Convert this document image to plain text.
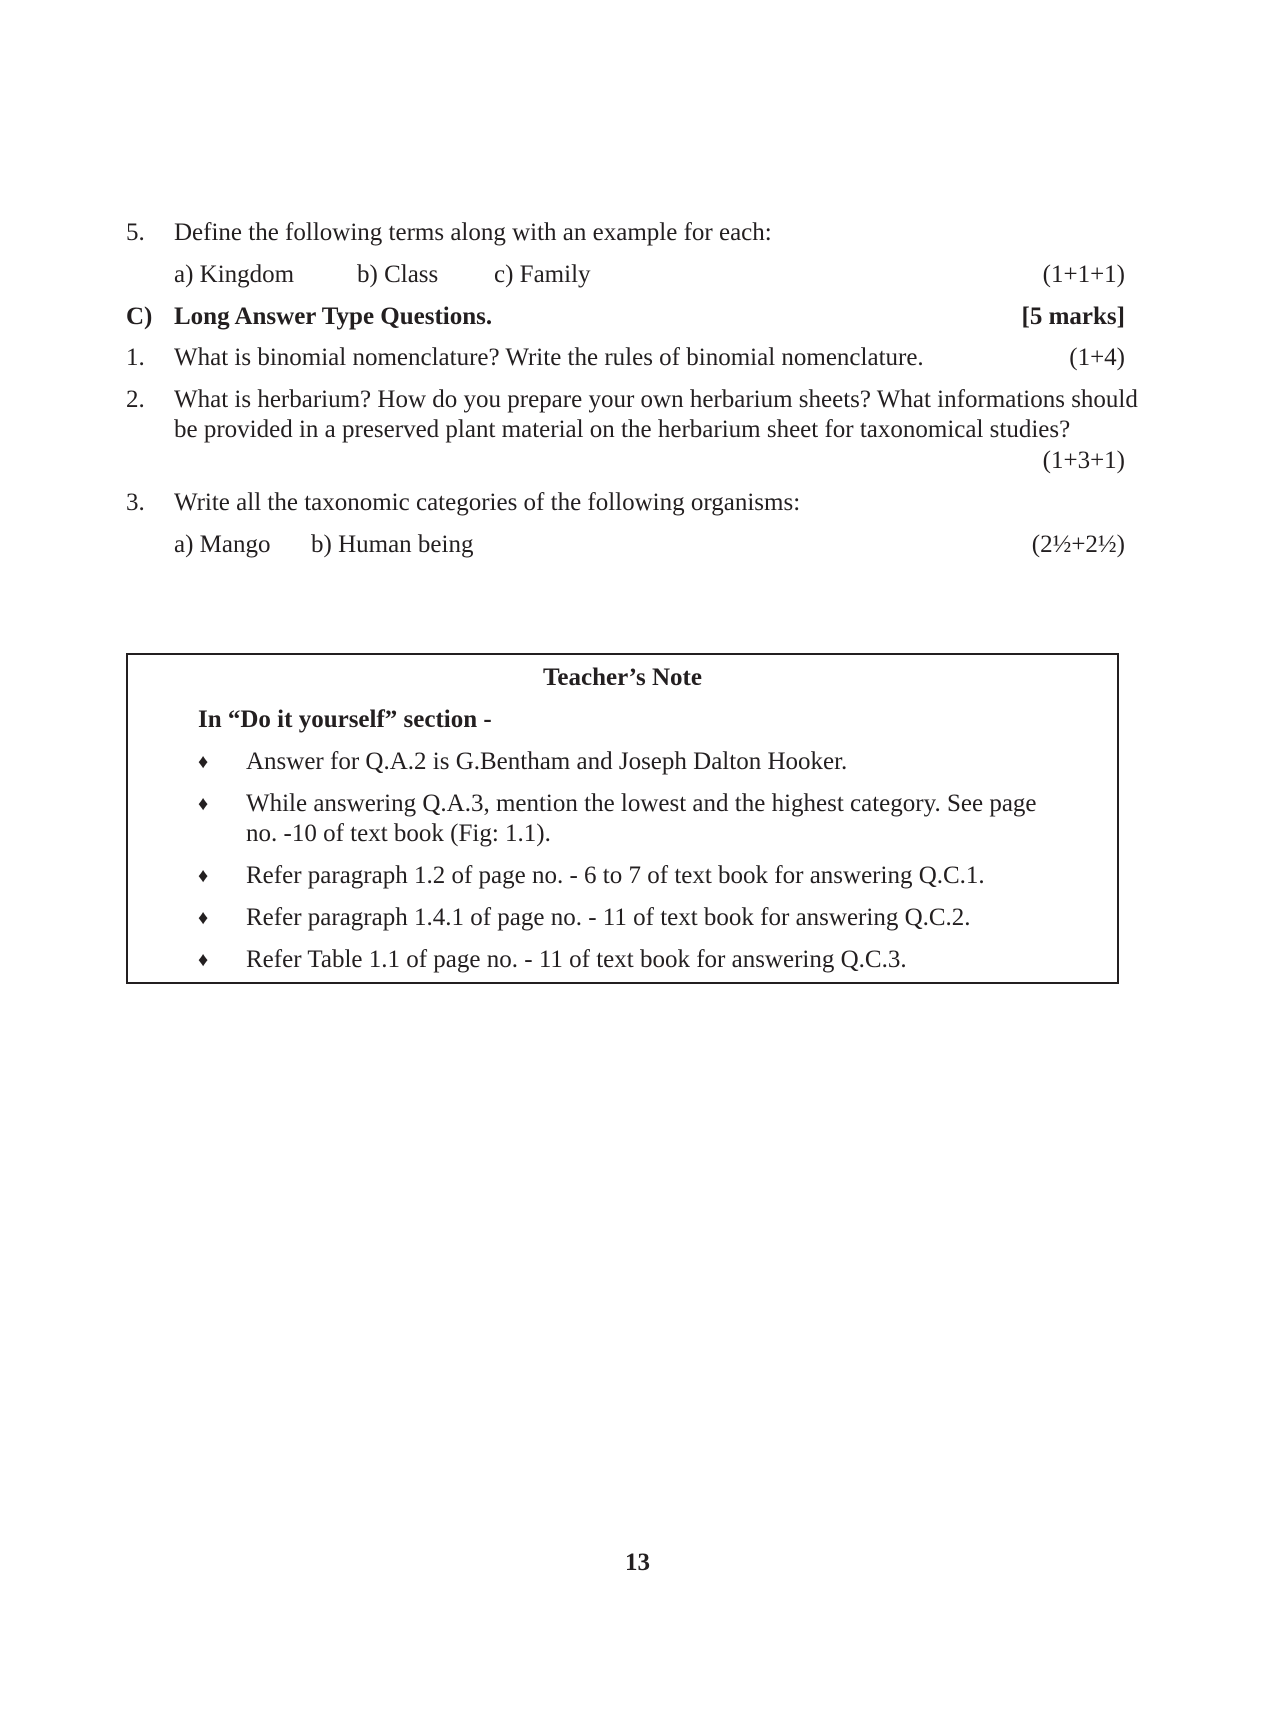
5. Define the following terms along with an example for each:
a) Kingdom	b) Class c) Family	(1+1+1)
C) Long Answer Type Questions.	[5 marks]
1. What is binomial nomenclature? Write the rules of binomial nomenclature.	(1+4)
2. What is herbarium? How do you prepare your own herbarium sheets? What informations should
be provided in a preserved plant material on the herbarium sheet for taxonomical studies?
(1+3+1)
3. Write all the taxonomic categories of the following organisms:
a) Mango b) Human being	(2½+2½)
Teacher’s Note
In “Do it yourself” section -
♦ Answer for Q.A.2 is G.Bentham and Joseph Dalton Hooker.
♦ While answering Q.A.3, mention the lowest and the highest category. See page
no. -10 of text book (Fig: 1.1).
♦ Refer paragraph 1.2 of page no. - 6 to 7 of text book for answering Q.C.1.
♦ Refer paragraph 1.4.1 of page no. - 11 of text book for answering Q.C.2.
♦ Refer Table 1.1 of page no. - 11 of text book for answering Q.C.3.
13
